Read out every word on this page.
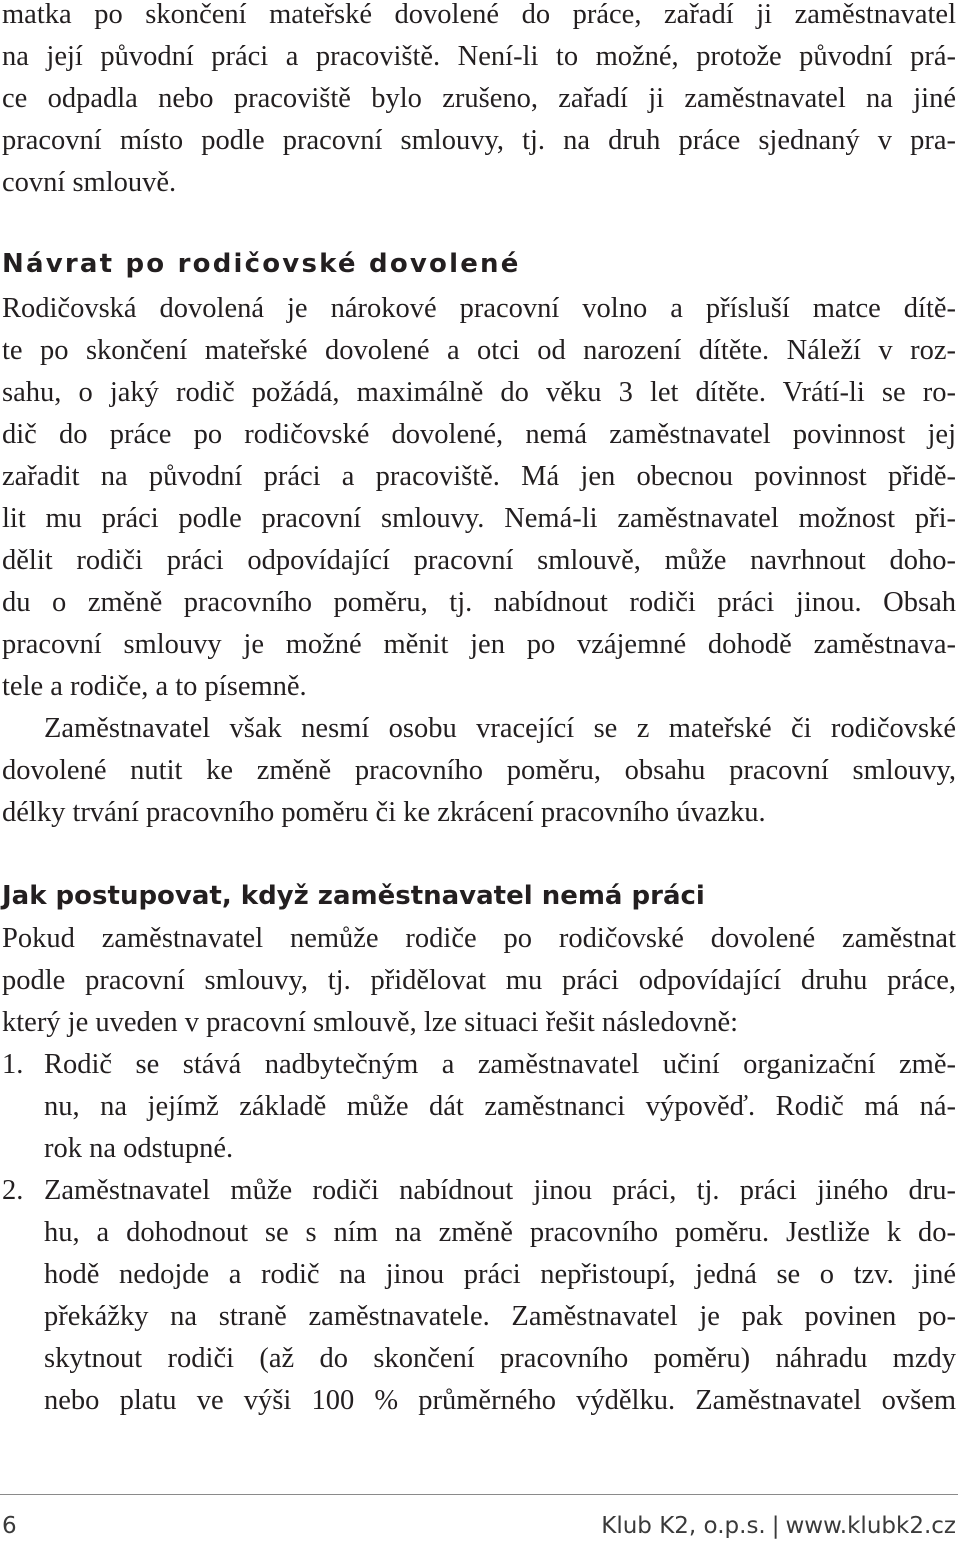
matka po skončení mateřské dovolené do práce, zařadí ji zaměstnavatel
na její původní práci a pracoviště. Není-li to možné, protože původní prá-
ce odpadla nebo pracoviště bylo zrušeno, zařadí ji zaměstnavatel na jiné
pracovní místo podle pracovní smlouvy, tj. na druh práce sjednaný v pra-
covní smlouvě.
Návrat po rodičovské dovolené
Rodičovská dovolená je nárokové pracovní volno a přísluší matce dítě-
te po skončení mateřské dovolené a otci od narození dítěte. Náleží v roz-
sahu, o jaký rodič požádá, maximálně do věku 3 let dítěte. Vrátí-li se ro-
dič do práce po rodičovské dovolené, nemá zaměstnavatel povinnost jej
zařadit na původní práci a pracoviště. Má jen obecnou povinnost přidě-
lit mu práci podle pracovní smlouvy. Nemá-li zaměstnavatel možnost při-
dělit rodiči práci odpovídající pracovní smlouvě, může navrhnout doho-
du o změně pracovního poměru, tj. nabídnout rodiči práci jinou. Obsah
pracovní smlouvy je možné měnit jen po vzájemné dohodě zaměstnava-
tele a rodiče, a to písemně.
Zaměstnavatel však nesmí osobu vracející se z mateřské či rodičovské
dovolené nutit ke změně pracovního poměru, obsahu pracovní smlouvy,
délky trvání pracovního poměru či ke zkrácení pracovního úvazku.
Jak postupovat, když zaměstnavatel nemá práci
Pokud zaměstnavatel nemůže rodiče po rodičovské dovolené zaměstnat
podle pracovní smlouvy, tj. přidělovat mu práci odpovídající druhu práce,
který je uveden v pracovní smlouvě, lze situaci řešit následovně:
1. Rodič se stává nadbytečným a zaměstnavatel učiní organizační změ-
nu, na jejímž základě může dát zaměstnanci výpověď. Rodič má ná-
rok na odstupné.
2. Zaměstnavatel může rodiči nabídnout jinou práci, tj. práci jiného dru-
hu, a dohodnout se s ním na změně pracovního poměru. Jestliže k do-
hodě nedojde a rodič na jinou práci nepřistoupí, jedná se o tzv. jiné
překážky na straně zaměstnavatele. Zaměstnavatel je pak povinen po-
skytnout rodiči (až do skončení pracovního poměru) náhradu mzdy
nebo platu ve výši 100 % průměrného výdělku. Zaměstnavatel ovšem
6	Klub K2, o.p.s. | www.klubk2.cz
